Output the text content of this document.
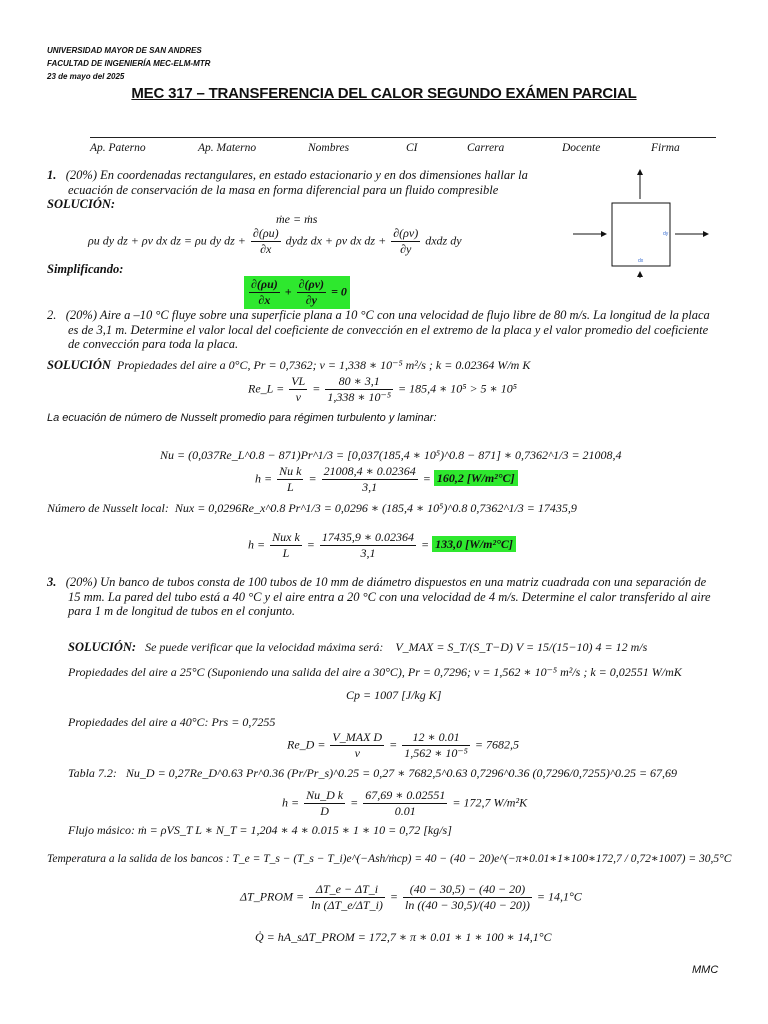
UNIVERSIDAD MAYOR DE SAN ANDRES
FACULTAD DE INGENIERÍA MEC-ELM-MTR
23 de mayo del 2025
MEC 317 – TRANSFERENCIA DEL CALOR SEGUNDO EXÁMEN PARCIAL
Ap. Paterno	Ap. Materno	Nombres	CI	Carrera	Docente	Firma
1. (20%) En coordenadas rectangulares, en estado estacionario y en dos dimensiones hallar la
ecuación de conservación de la masa en forma diferencial para un fluido compresible
SOLUCIÓN:
ṁe = ṁs
ρu dy dz + ρv dx dz = ρu dy dz + $\frac{\partial(\rho u)}{\partial x}$ dydz dx + ρv dx dz + $\frac{\partial(\rho v)}{\partial y}$ dxdz dy
Simplificando:
$\frac{\partial(\rho u)}{\partial x} + \frac{\partial(\rho v)}{\partial y} = 0$
dy
dx
2. (20%) Aire a –10 °C fluye sobre una superficie plana a 10 °C con una velocidad de flujo libre de 80 m/s. La longitud de la placa
es de 3,1 m. Determine el valor local del coeficiente de convección en el extremo de la placa y el valor promedio del coeficiente
de convección para toda la placa.
SOLUCIÓN Propiedades del aire a 0°C, Pr = 0,7362; ν = 1,338 ∗ 10⁻⁵ m²/s ; k = 0.02364 W/m K
Re_L = $\frac{VL}{\nu} = \frac{80 ∗ 3,1}{\text{1,338 ∗ 10⁻⁵}} = 185,4$ ∗ 10⁵ > 5 ∗ 10⁵
La ecuación de número de Nusselt promedio para régimen turbulento y laminar:
Nu = (0,037Re_L^0.8 − 871)Pr^1/3 = [0,037(185,4 ∗ 10⁵)^0.8 − 871] ∗ 0,7362^1/3 = 21008,4
$h = \frac{\text{Nu k}}{L} = \frac{21008,4 ∗ 0.02364}{3,1} = 160,2$ [W/m²°C]
Número de Nusselt local: Nux = 0,0296Re_x^0.8 Pr^1/3 = 0,0296 ∗ (185,4 ∗ 10⁵)^0.8 0,7362^1/3 = 17435,9
$h = \frac{\text{Nux k}}{L} = \frac{17435,9 ∗ 0.02364}{3,1} = 133,0$ [W/m²°C]
3. (20%) Un banco de tubos consta de 100 tubos de 10 mm de diámetro dispuestos en una matriz cuadrada con una separación de
15 mm. La pared del tubo está a 40 °C y el aire entra a 20 °C con una velocidad de 4 m/s. Determine el calor transferido al aire
para 1 m de longitud de tubos en el conjunto.
SOLUCIÓN: Se puede verificar que la velocidad máxima será: V_MAX = S_T/(S_T−D) V = 15/(15−10) 4 = 12 m/s
Propiedades del aire a 25°C (Suponiendo una salida del aire a 30°C), Pr = 0,7296; ν = 1,562 ∗ 10⁻⁵ m²/s ; k = 0,02551 W/mK
Cp = 1007 [J/kg K]
Propiedades del aire a 40°C: Prs = 0,7255
Re_D = $\frac{\text{V\_MAX D}}{\nu} = \frac{12 ∗ 0.01}{\text{1,562 ∗ 10⁻⁵}} = 7682,5$
Tabla 7.2: Nu_D = 0,27Re_D^0.63 Pr^0.36 (Pr/Pr_s)^0.25 = 0,27 ∗ 7682,5^0.63 0,7296^0.36 (0,7296/0,7255)^0.25 = 67,69
$h = \frac{\text{Nu\_D k}}{D} = \frac{67,69 ∗ 0.02551}{0.01} = 172,7$ W/m²K
Flujo másico: ṁ = ρVS_T L ∗ N_T = 1,204 ∗ 4 ∗ 0.015 ∗ 1 ∗ 10 = 0,72 [kg/s]
Temperatura a la salida de los bancos : T_e = T_s − (T_s − T_i)e^(−Ash/ṁcp) = 40 − (40 − 20)e^(−π∗0.01∗1∗100∗172,7 / 0,72∗1007) = 30,5°C
ΔT_PROM = $\frac{\Delta T\_e - \Delta T\_i}{\ln (\Delta T\_e/\Delta T\_i)} = \frac{(40 - 30,5) - (40 - 20)}{\ln ((40 - 30,5)/(40 - 20))} = 14,1^\circ C$
Q̇ = hA_sΔT_PROM = 172,7 ∗ π ∗ 0.01 ∗ 1 ∗ 100 ∗ 14,1°C
MMC
